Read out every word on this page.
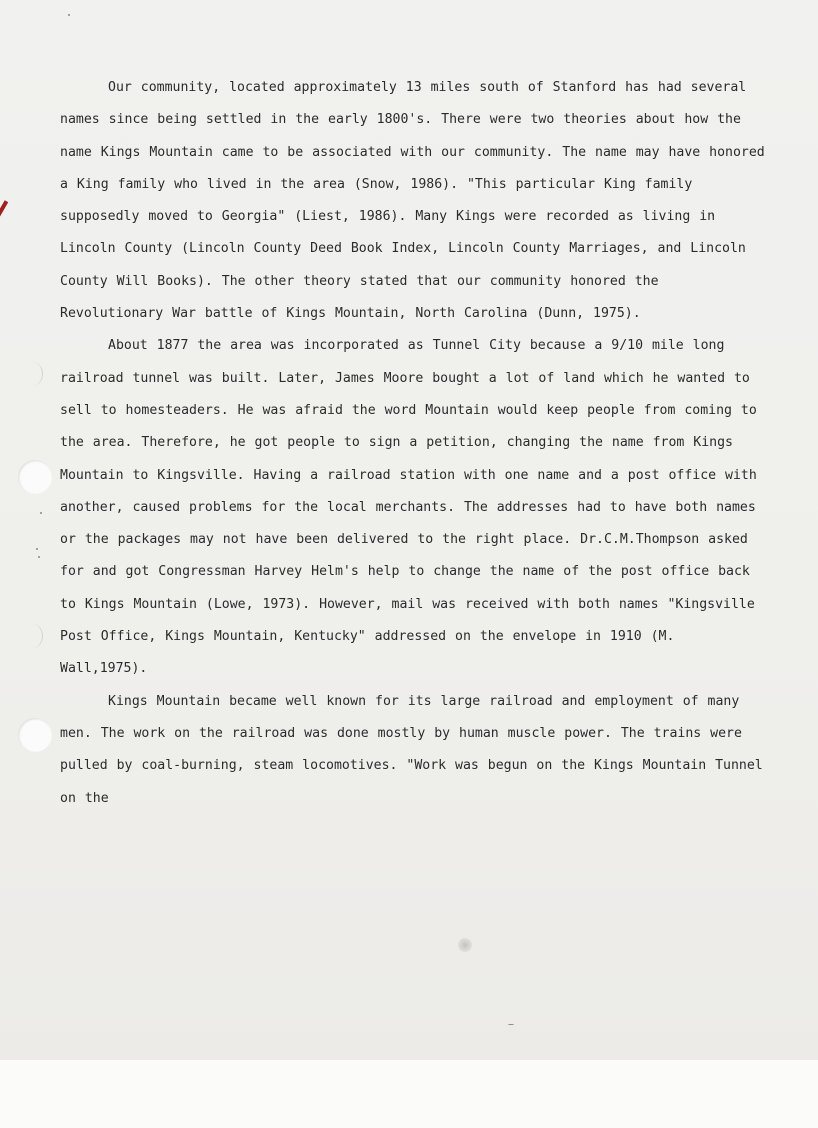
Our community, located approximately 13 miles south of Stanford has had several names since being settled in the early 1800's. There were two theories about how the name Kings Mountain came to be associated with our community. The name may have honored a King family who lived in the area (Snow, 1986). "This particular King family supposedly moved to Georgia" (Liest, 1986). Many Kings were recorded as living in Lincoln County (Lincoln County Deed Book Index, Lincoln County Marriages, and Lincoln County Will Books). The other theory stated that our community honored the Revolutionary War battle of Kings Mountain, North Carolina (Dunn, 1975).

About 1877 the area was incorporated as Tunnel City because a 9/10 mile long railroad tunnel was built. Later, James Moore bought a lot of land which he wanted to sell to homesteaders. He was afraid the word Mountain would keep people from coming to the area. Therefore, he got people to sign a petition, changing the name from Kings Mountain to Kingsville. Having a railroad station with one name and a post office with another, caused problems for the local merchants. The addresses had to have both names or the packages may not have been delivered to the right place. Dr.C.M.Thompson asked for and got Congressman Harvey Helm's help to change the name of the post office back to Kings Mountain (Lowe, 1973). However, mail was received with both names "Kingsville Post Office, Kings Mountain, Kentucky" addressed on the envelope in 1910 (M. Wall,1975).

Kings Mountain became well known for its large railroad and employment of many men. The work on the railroad was done mostly by human muscle power. The trains were pulled by coal-burning, steam locomotives. "Work was begun on the Kings Mountain Tunnel on the
